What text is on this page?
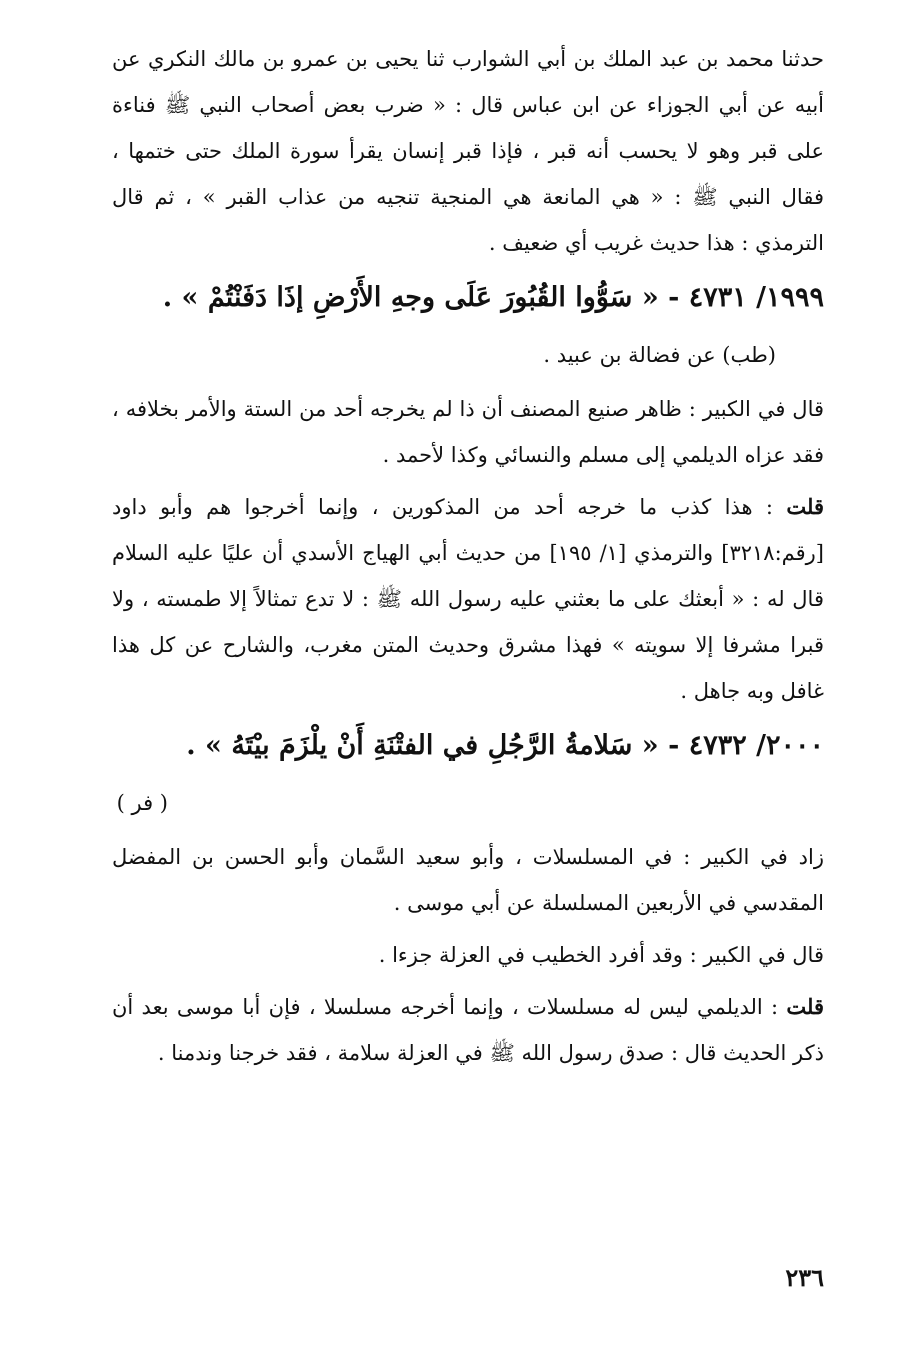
حدثنا محمد بن عبد الملك بن أبي الشوارب ثنا يحيى بن عمرو بن مالك النكري عن أبيه عن أبي الجوزاء عن ابن عباس قال : « ضرب بعض أصحاب النبي ﷺ فناءة على قبر وهو لا يحسب أنه قبر ، فإذا قبر إنسان يقرأ سورة الملك حتى ختمها ، فقال النبي ﷺ : « هي المانعة هي المنجية تنجيه من عذاب القبر » ، ثم قال الترمذي : هذا حديث غريب أي ضعيف .

١٩٩٩/ ٤٧٣١ - « سَوُّوا القُبُورَ عَلَى وجهِ الأَرْضِ إذَا دَفَنْتُمْ » .

(طب) عن فضالة بن عبيد .

قال في الكبير : ظاهر صنيع المصنف أن ذا لم يخرجه أحد من الستة والأمر بخلافه ، فقد عزاه الديلمي إلى مسلم والنسائي وكذا لأحمد .

قلت : هذا كذب ما خرجه أحد من المذكورين ، وإنما أخرجوا هم وأبو داود [رقم:٣٢١٨] والترمذي [١/ ١٩٥] من حديث أبي الهياج الأسدي أن عليًا عليه السلام قال له : « أبعثك على ما بعثني عليه رسول الله ﷺ : لا تدع تمثالاً إلا طمسته ، ولا قبرا مشرفا إلا سويته » فهذا مشرق وحديث المتن مغرب، والشارح عن كل هذا غافل وبه جاهل .

٢٠٠٠/ ٤٧٣٢ - « سَلامةُ الرَّجُلِ في الفتْنَةِ أَنْ يلْزَمَ بيْتَهُ » .

( فر )

زاد في الكبير : في المسلسلات ، وأبو سعيد السَّمان وأبو الحسن بن المفضل المقدسي في الأربعين المسلسلة عن أبي موسى .

قال في الكبير : وقد أفرد الخطيب في العزلة جزءا .

قلت : الديلمي ليس له مسلسلات ، وإنما أخرجه مسلسلا ، فإن أبا موسى بعد أن ذكر الحديث قال : صدق رسول الله ﷺ في العزلة سلامة ، فقد خرجنا وندمنا .

٢٣٦
